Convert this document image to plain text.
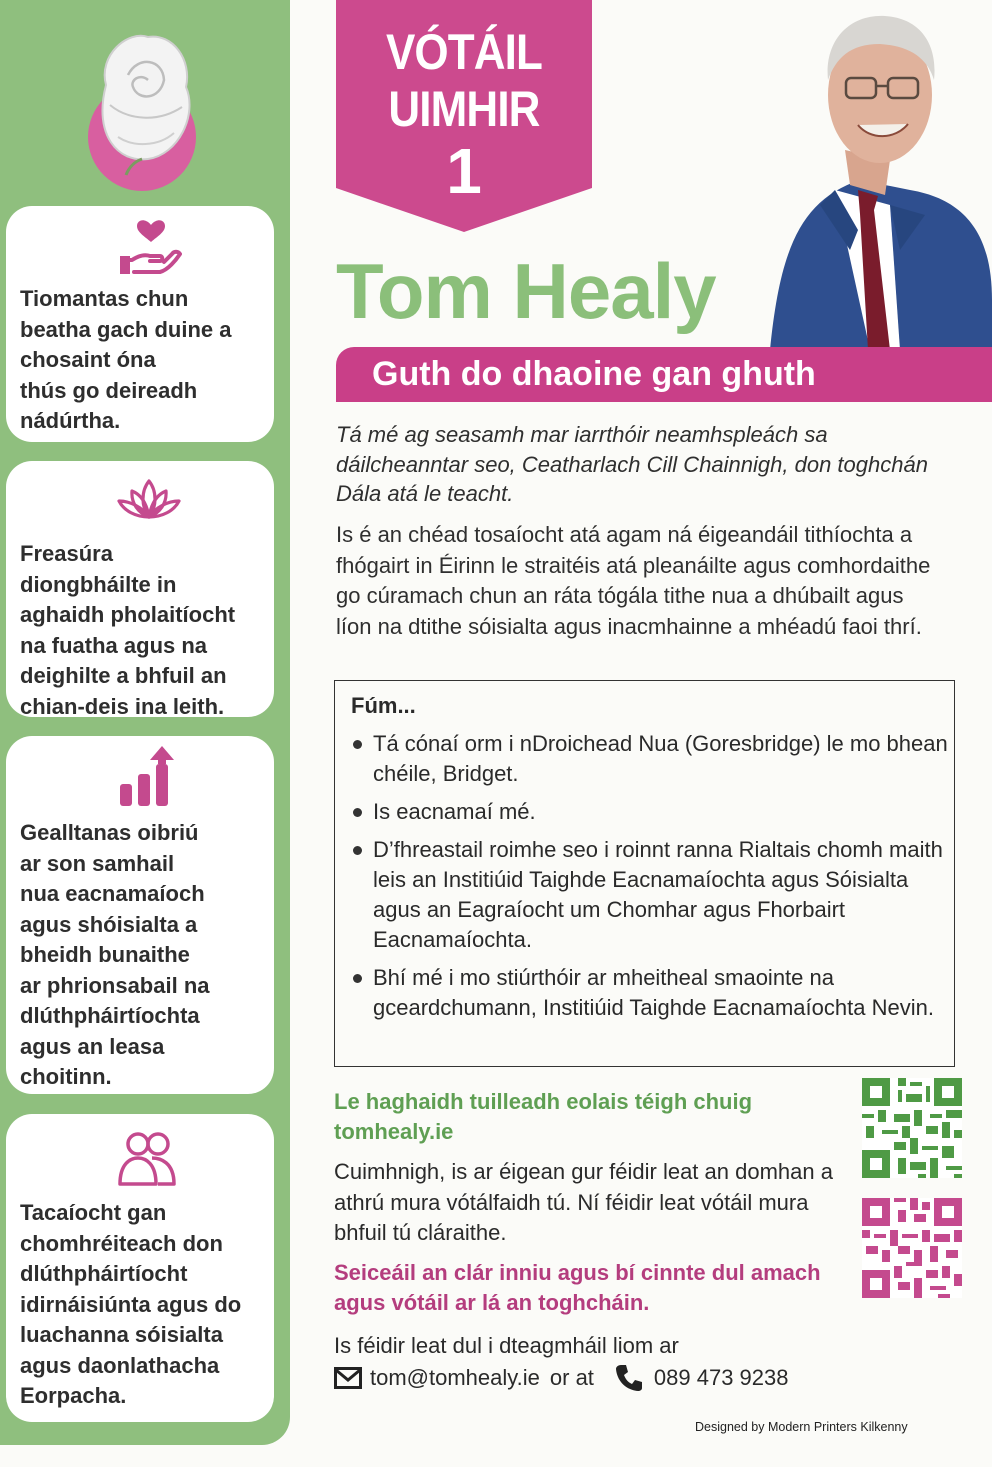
Tiomantas chun
beatha gach duine a
chosaint óna
thús go deireadh
nádúrtha.

Freasúra
diongbháilte in
aghaidh pholaitíocht
na fuatha agus na
deighilte a bhfuil an
chian-deis ina leith.

Gealltanas oibriú
ar son samhail
nua eacnamaíoch
agus shóisialta a
bheidh bunaithe
ar phrionsabail na
dlúthpháirtíochta
agus an leasa
choitinn.

Tacaíocht gan
chomhréiteach don
dlúthpháirtíocht
idirnáisiúnta agus do
luachanna sóisialta
agus daonlathacha
Eorpacha.

VÓTÁIL
UIMHIR
1
Tom Healy
Guth do dhaoine gan ghuth

Tá mé ag seasamh mar iarrthóir neamhspleách sa dáilcheanntar seo, Ceatharlach Cill Chainnigh, don toghchán Dála atá le teacht.

Is é an chéad tosaíocht atá agam ná éigeandáil tithíochta a fhógairt in Éirinn le straitéis atá pleanáilte agus comhordaithe go cúramach chun an ráta tógála tithe nua a dhúbailt agus líon na dtithe sóisialta agus inacmhainne a mhéadú faoi thrí.

Fúm...
Tá cónaí orm i nDroichead Nua (Goresbridge) le mo bhean chéile, Bridget.
Is eacnamaí mé.
D’fhreastail roimhe seo i roinnt ranna Rialtais chomh maith leis an Institiúid Taighde Eacnamaíochta agus Sóisialta agus an Eagraíocht um Chomhar agus Fhorbairt Eacnamaíochta.
Bhí mé i mo stiúrthóir ar mheitheal smaointe na gceardchumann, Institiúid Taighde Eacnamaíochta Nevin.
Le haghaidh tuilleadh eolais téigh chuig
tomhealy.ie

Cuimhnigh, is ar éigean gur féidir leat an domhan a athrú mura vótálfaidh tú. Ní féidir leat vótáil mura bhfuil tú cláraithe.

Seiceáil an clár inniu agus bí cinnte dul amach agus vótáil ar lá an toghcháin.

Is féidir leat dul i dteagmháil liom ar
tom@tomhealy.ie or at	089 473 9238
Designed by Modern Printers Kilkenny
